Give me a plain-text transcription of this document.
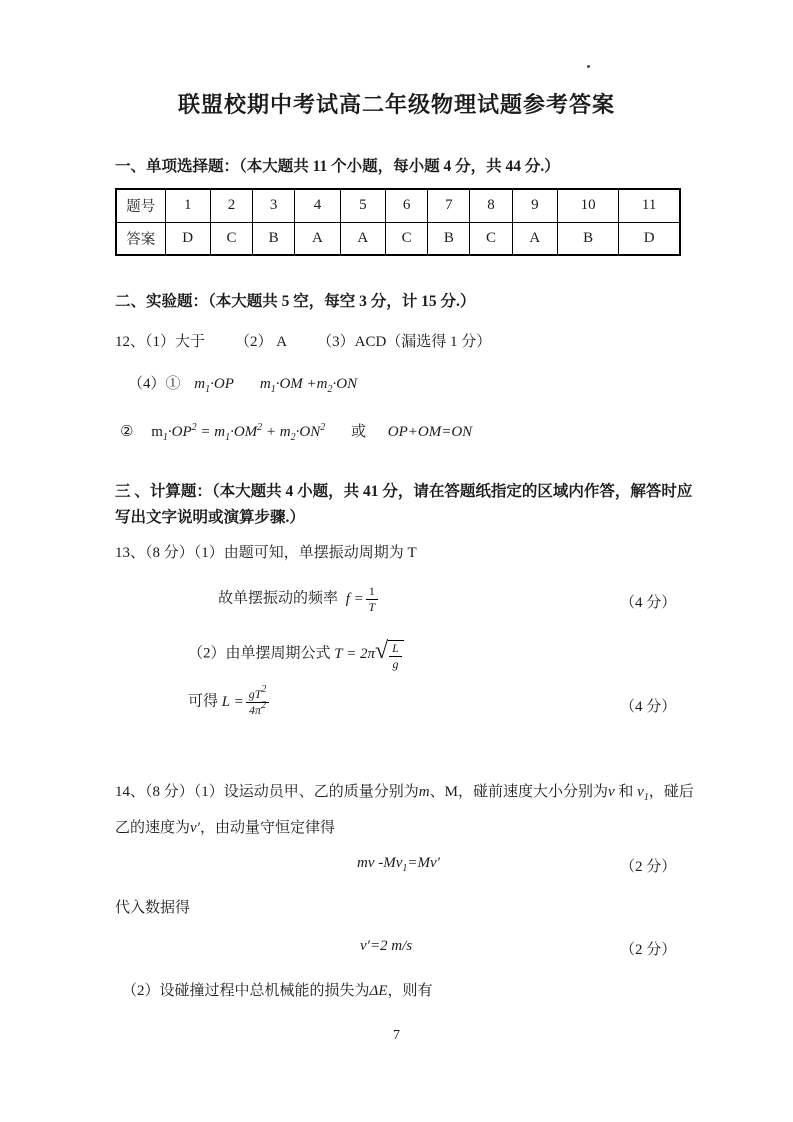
联盟校期中考试高二年级物理试题参考答案
一、单项选择题：（本大题共 11 个小题，每小题 4 分，共 44 分.）
题号	1	2	3	4	5	6	7	8	9	10	11
答案	D	C	B	A	A	C	B	C	A	B	D
二、实验题：（本大题共 5 空，每空 3 分，计 15 分.）
12、（1）大于 （2） A （3）ACD（漏选得 1 分）
（4）① $m_1\cdot OP$ $m_1\cdot OM +m_2\cdot ON$
② $m_1\cdot OP^2 = m_1\cdot OM^2 + m_2\cdot ON^2$ 或 OP+OM=ON
三 、计算题：（本大题共 4 小题，共 41 分，请在答题纸指定的区域内作答，解答时应写出文字说明或演算步骤.）
13、（8 分）（1）由题可知，单摆振动周期为 T
故单摆振动的频率 $f = \frac{1}{T}$	（4 分）
（2）由单摆周期公式 T = 2π √ $\frac{L}{g}$
可得 $L = \frac{gT^2}{4\pi^2}$	（4 分）
14、（8 分）（1）设运动员甲、乙的质量分别为m、M，碰前速度大小分别为v 和 $v_1$，碰后
乙的速度为v′，由动量守恒定律得
mv $-Mv_1=Mv'$	（2 分）
代入数据得
v′=2 m/s	（2 分）
（2）设碰撞过程中总机械能的损失为ΔE，则有
7
